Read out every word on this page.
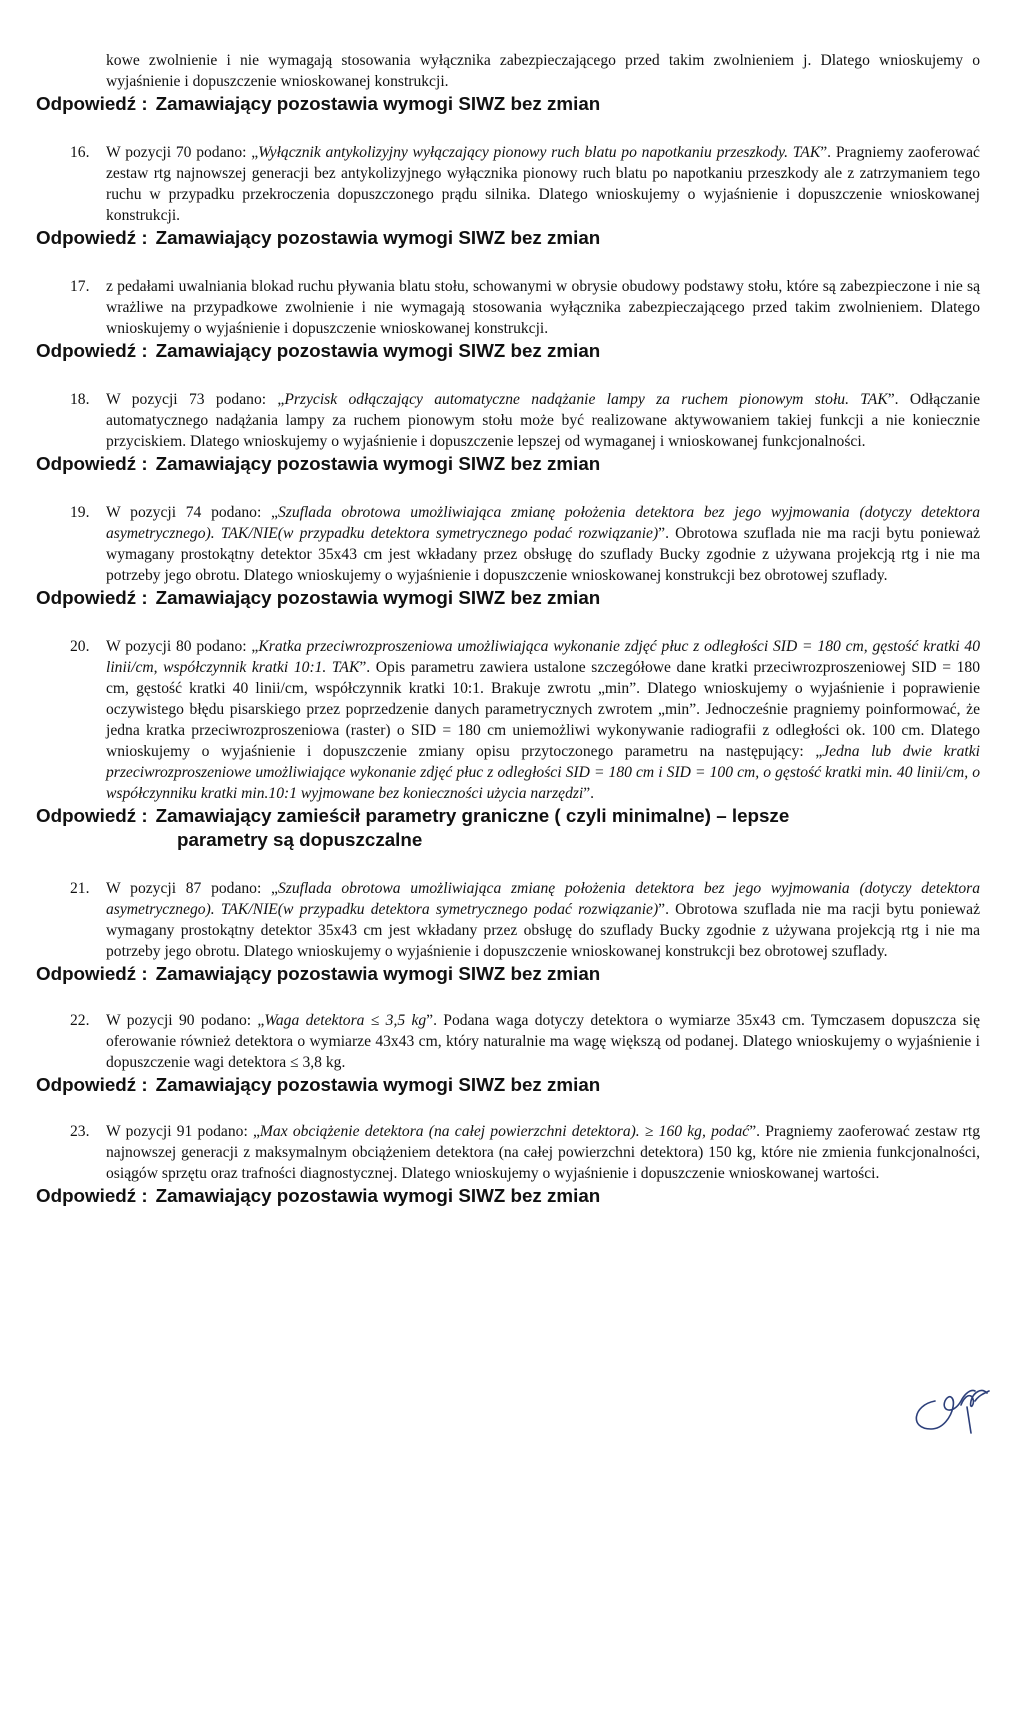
kowe zwolnienie i nie wymagają stosowania wyłącznika zabezpieczającego przed takim zwolnieniem j. Dlatego wnioskujemy o wyjaśnienie i dopuszczenie wnioskowanej konstrukcji.

Odpowiedź : Zamawiający pozostawia wymogi SIWZ bez zmian

16.	W pozycji 70 podano: „Wyłącznik antykolizyjny wyłączający pionowy ruch blatu po napotkaniu przeszkody. TAK”. Pragniemy zaoferować zestaw rtg najnowszej generacji bez antykolizyjnego wyłącznika pionowy ruch blatu po napotkaniu przeszkody ale z zatrzymaniem tego ruchu w przypadku przekroczenia dopuszczonego prądu silnika. Dlatego wnioskujemy o wyjaśnienie i dopuszczenie wnioskowanej konstrukcji.

Odpowiedź : Zamawiający pozostawia wymogi SIWZ bez zmian

17.	z pedałami uwalniania blokad ruchu pływania blatu stołu, schowanymi w obrysie obudowy podstawy stołu, które są zabezpieczone i nie są wrażliwe na przypadkowe zwolnienie i nie wymagają stosowania wyłącznika zabezpieczającego przed takim zwolnieniem. Dlatego wnioskujemy o wyjaśnienie i dopuszczenie wnioskowanej konstrukcji.

Odpowiedź : Zamawiający pozostawia wymogi SIWZ bez zmian

18.	W pozycji 73 podano: „Przycisk odłączający automatyczne nadążanie lampy za ruchem pionowym stołu. TAK”. Odłączanie automatycznego nadążania lampy za ruchem pionowym stołu może być realizowane aktywowaniem takiej funkcji a nie koniecznie przyciskiem. Dlatego wnioskujemy o wyjaśnienie i dopuszczenie lepszej od wymaganej i wnioskowanej funkcjonalności.

Odpowiedź : Zamawiający pozostawia wymogi SIWZ bez zmian

19.	W pozycji 74 podano: „Szuflada obrotowa umożliwiająca zmianę położenia detektora bez jego wyjmowania (dotyczy detektora asymetrycznego). TAK/NIE(w przypadku detektora symetrycznego podać rozwiązanie)”. Obrotowa szuflada nie ma racji bytu ponieważ wymagany prostokątny detektor 35x43 cm jest wkładany przez obsługę do szuflady Bucky zgodnie z używana projekcją rtg i nie ma potrzeby jego obrotu. Dlatego wnioskujemy o wyjaśnienie i dopuszczenie wnioskowanej konstrukcji bez obrotowej szuflady.

Odpowiedź : Zamawiający pozostawia wymogi SIWZ bez zmian

20.	W pozycji 80 podano: „Kratka przeciwrozproszeniowa umożliwiająca wykonanie zdjęć płuc z odległości SID = 180 cm, gęstość kratki 40 linii/cm, współczynnik kratki 10:1. TAK”. Opis parametru zawiera ustalone szczegółowe dane kratki przeciwrozproszeniowej SID = 180 cm, gęstość kratki 40 linii/cm, współczynnik kratki 10:1. Brakuje zwrotu „min”. Dlatego wnioskujemy o wyjaśnienie i poprawienie oczywistego błędu pisarskiego przez poprzedzenie danych parametrycznych zwrotem „min”. Jednocześnie pragniemy poinformować, że jedna kratka przeciwrozproszeniowa (raster) o SID = 180 cm uniemożliwi wykonywanie radiografii z odległości ok. 100 cm. Dlatego wnioskujemy o wyjaśnienie i dopuszczenie zmiany opisu przytoczonego parametru na następujący: „Jedna lub dwie kratki przeciwrozproszeniowe umożliwiające wykonanie zdjęć płuc z odległości SID = 180 cm i SID = 100 cm, o gęstość kratki min. 40 linii/cm, o współczynniku kratki min.10:1 wyjmowane bez konieczności użycia narzędzi”.
Odpowiedź : Zamawiający zamieścił parametry graniczne ( czyli minimalne) – lepsze
parametry są dopuszczalne
21.	W pozycji 87 podano: „Szuflada obrotowa umożliwiająca zmianę położenia detektora bez jego wyjmowania (dotyczy detektora asymetrycznego). TAK/NIE(w przypadku detektora symetrycznego podać rozwiązanie)”. Obrotowa szuflada nie ma racji bytu ponieważ wymagany prostokątny detektor 35x43 cm jest wkładany przez obsługę do szuflady Bucky zgodnie z używana projekcją rtg i nie ma potrzeby jego obrotu. Dlatego wnioskujemy o wyjaśnienie i dopuszczenie wnioskowanej konstrukcji bez obrotowej szuflady.

Odpowiedź : Zamawiający pozostawia wymogi SIWZ bez zmian

22.	W pozycji 90 podano: „Waga detektora ≤ 3,5 kg”. Podana waga dotyczy detektora o wymiarze 35x43 cm. Tymczasem dopuszcza się oferowanie również detektora o wymiarze 43x43 cm, który naturalnie ma wagę większą od podanej. Dlatego wnioskujemy o wyjaśnienie i dopuszczenie wagi detektora ≤ 3,8 kg.

Odpowiedź : Zamawiający pozostawia wymogi SIWZ bez zmian

23.	W pozycji 91 podano: „Max obciążenie detektora (na całej powierzchni detektora). ≥ 160 kg, podać”. Pragniemy zaoferować zestaw rtg najnowszej generacji z maksymalnym obciążeniem detektora (na całej powierzchni detektora) 150 kg, które nie zmienia funkcjonalności, osiągów sprzętu oraz trafności diagnostycznej. Dlatego wnioskujemy o wyjaśnienie i dopuszczenie wnioskowanej wartości.

Odpowiedź : Zamawiający pozostawia wymogi SIWZ bez zmian
